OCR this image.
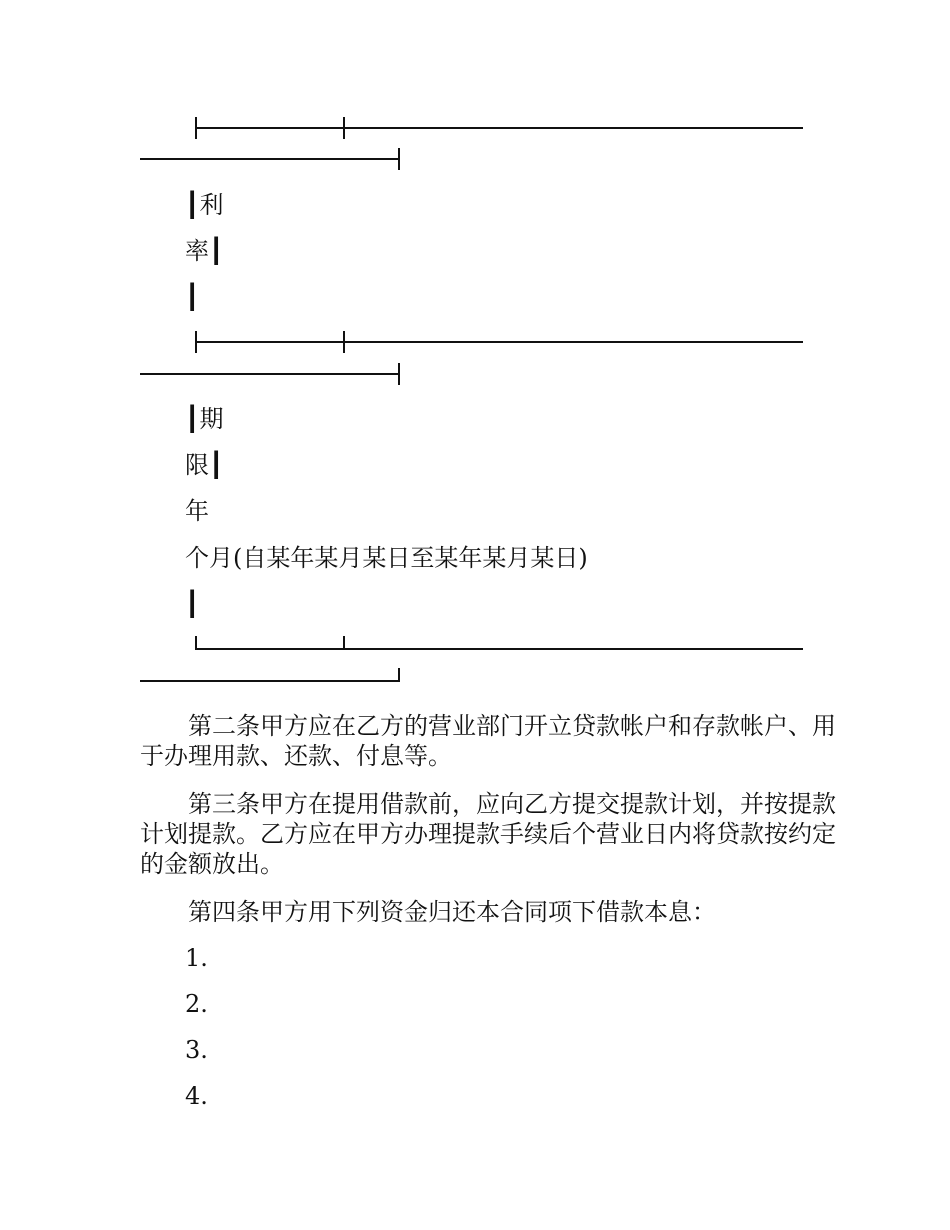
┃利
率┃
┃
┃期
限┃
年
个月(自某年某月某日至某年某月某日)
┃
第二条甲方应在乙方的营业部门开立贷款帐户和存款帐户、用于办理用款、还款、付息等。
第三条甲方在提用借款前，应向乙方提交提款计划，并按提款计划提款。乙方应在甲方办理提款手续后个营业日内将贷款按约定的金额放出。
第四条甲方用下列资金归还本合同项下借款本息：
1.
2.
3.
4.
